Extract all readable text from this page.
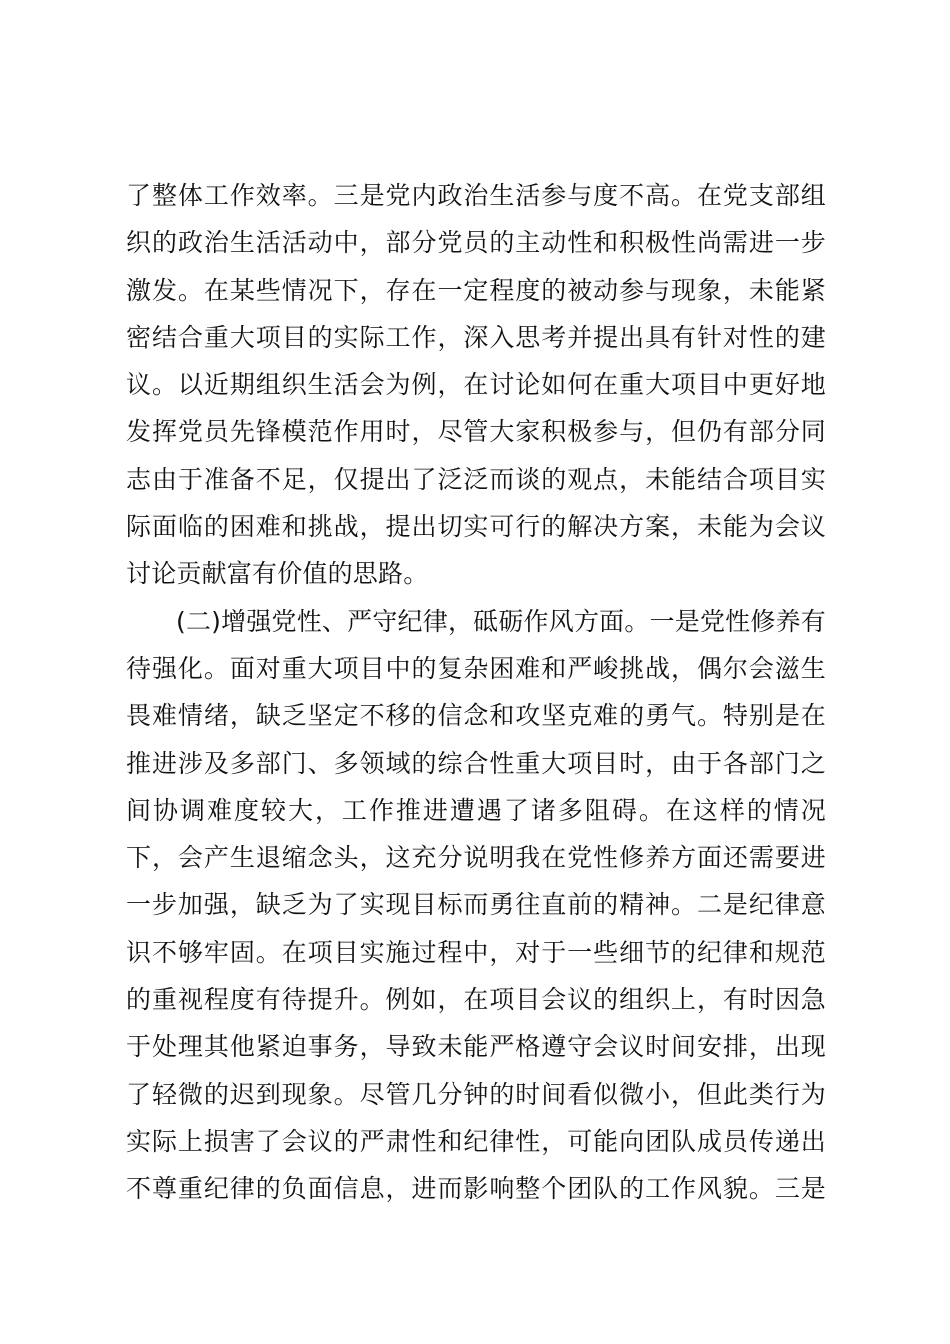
了整体工作效率。三是党内政治生活参与度不高。在党支部组
织的政治生活活动中，部分党员的主动性和积极性尚需进一步
激发。在某些情况下，存在一定程度的被动参与现象，未能紧
密结合重大项目的实际工作，深入思考并提出具有针对性的建
议。以近期组织生活会为例，在讨论如何在重大项目中更好地
发挥党员先锋模范作用时，尽管大家积极参与，但仍有部分同
志由于准备不足，仅提出了泛泛而谈的观点，未能结合项目实
际面临的困难和挑战，提出切实可行的解决方案，未能为会议
讨论贡献富有价值的思路。
(二)增强党性、严守纪律，砥砺作风方面。一是党性修养有
待强化。面对重大项目中的复杂困难和严峻挑战，偶尔会滋生
畏难情绪，缺乏坚定不移的信念和攻坚克难的勇气。特别是在
推进涉及多部门、多领域的综合性重大项目时，由于各部门之
间协调难度较大，工作推进遭遇了诸多阻碍。在这样的情况
下，会产生退缩念头，这充分说明我在党性修养方面还需要进
一步加强，缺乏为了实现目标而勇往直前的精神。二是纪律意
识不够牢固。在项目实施过程中，对于一些细节的纪律和规范
的重视程度有待提升。例如，在项目会议的组织上，有时因急
于处理其他紧迫事务，导致未能严格遵守会议时间安排，出现
了轻微的迟到现象。尽管几分钟的时间看似微小，但此类行为
实际上损害了会议的严肃性和纪律性，可能向团队成员传递出
不尊重纪律的负面信息，进而影响整个团队的工作风貌。三是
